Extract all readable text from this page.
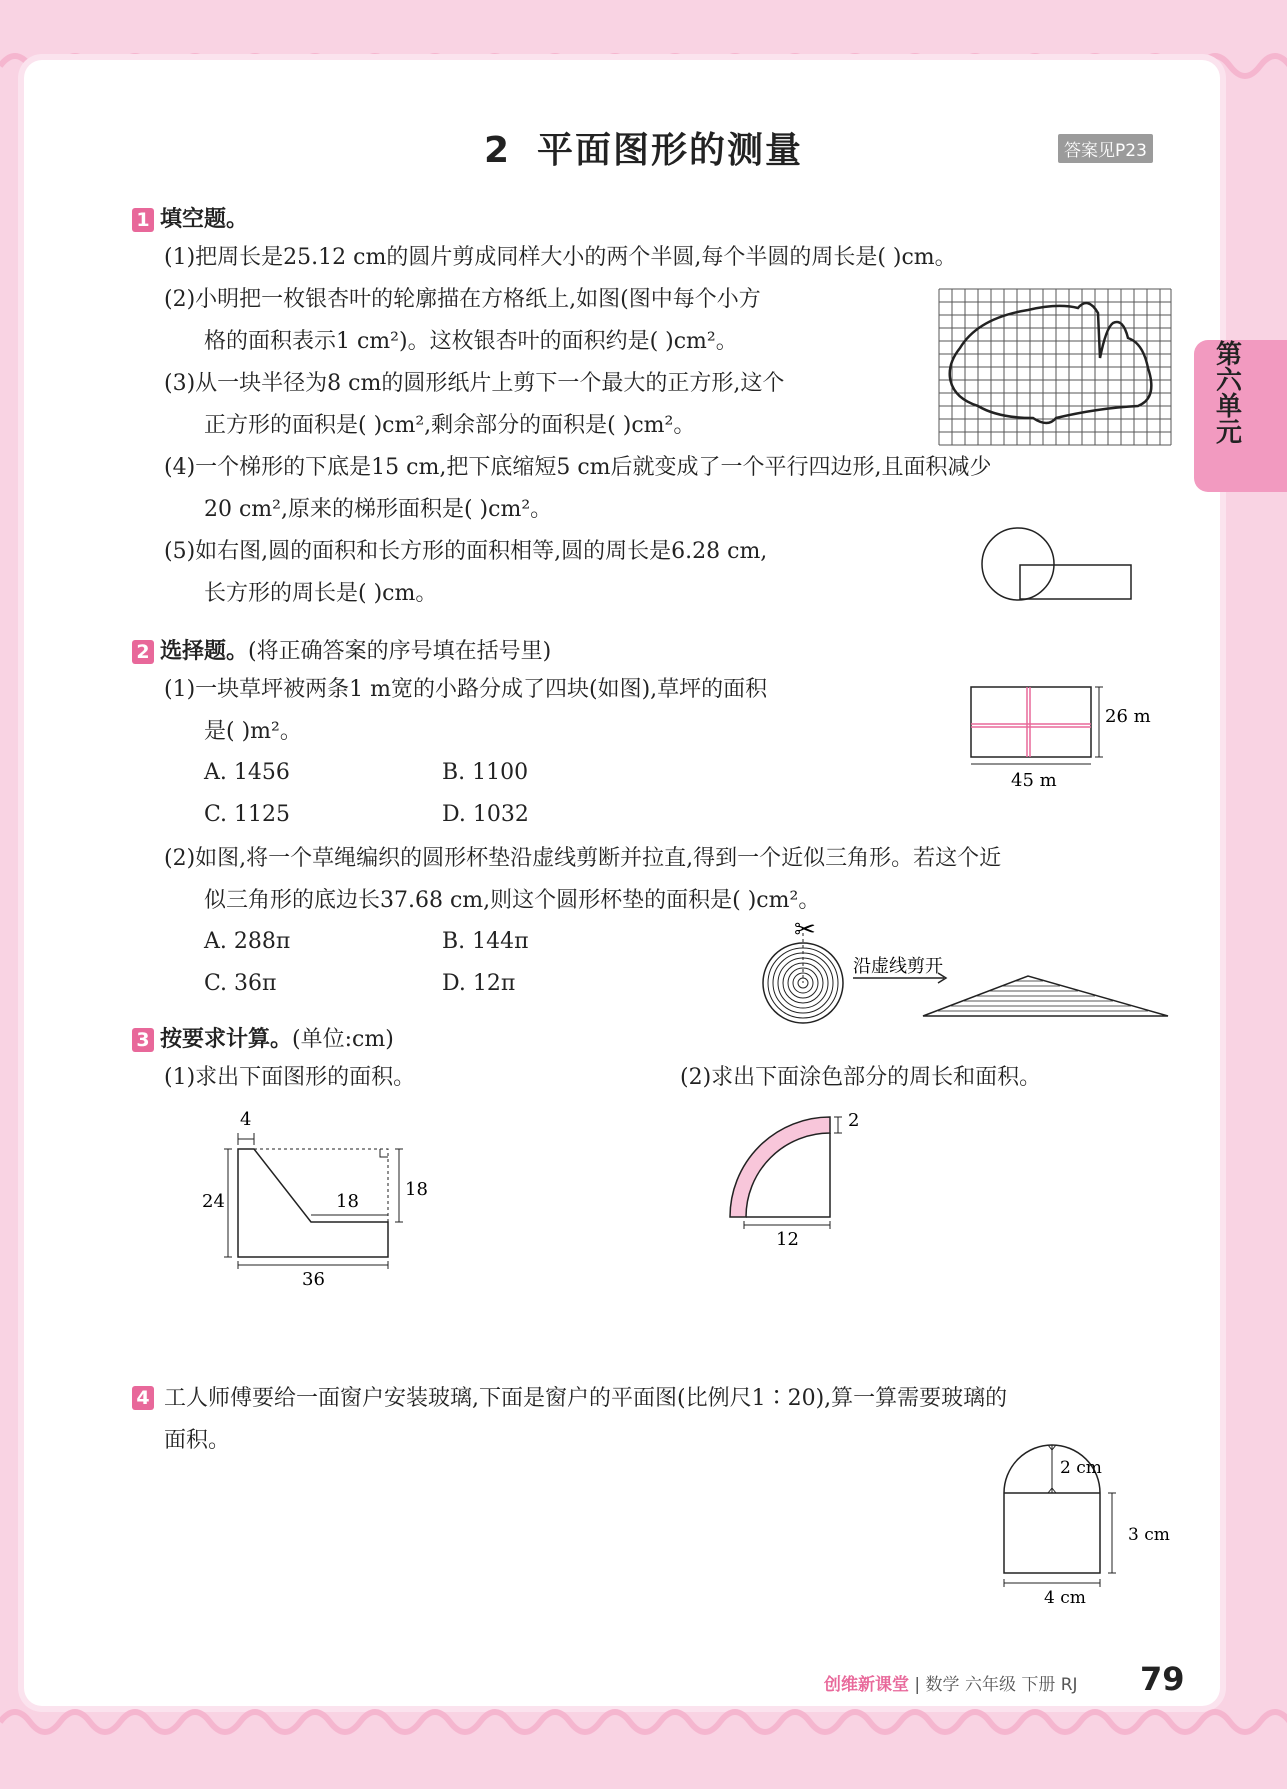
2 平面图形的测量	答案见P23
第六单元
1 填空题。
(1)把周长是25.12 cm的圆片剪成同样大小的两个半圆,每个半圆的周长是( )cm。
(2)小明把一枚银杏叶的轮廓描在方格纸上,如图(图中每个小方
格的面积表示1 cm²)。这枚银杏叶的面积约是( )cm²。
(3)从一块半径为8 cm的圆形纸片上剪下一个最大的正方形,这个
正方形的面积是( )cm²,剩余部分的面积是( )cm²。
(4)一个梯形的下底是15 cm,把下底缩短5 cm后就变成了一个平行四边形,且面积减少
20 cm²,原来的梯形面积是( )cm²。
(5)如右图,圆的面积和长方形的面积相等,圆的周长是6.28 cm,
长方形的周长是( )cm。
2 选择题。(将正确答案的序号填在括号里)
(1)一块草坪被两条1 m宽的小路分成了四块(如图),草坪的面积
是( )m²。
A. 1456	B. 1100
C. 1125	D. 1032
26 m
45 m
(2)如图,将一个草绳编织的圆形杯垫沿虚线剪断并拉直,得到一个近似三角形。若这个近
似三角形的底边长37.68 cm,则这个圆形杯垫的面积是( )cm²。
A. 288π	B. 144π
C. 36π	D. 12π
✂
沿虚线剪开
3 按要求计算。(单位:cm)
(1)求出下面图形的面积。	(2)求出下面涂色部分的周长和面积。
4
24	18
18
36
2
12
4 工人师傅要给一面窗户安装玻璃,下面是窗户的平面图(比例尺1∶20),算一算需要玻璃的
面积。
2 cm
3 cm
4 cm
创维新课堂 | 数学 六年级 下册 RJ 79
